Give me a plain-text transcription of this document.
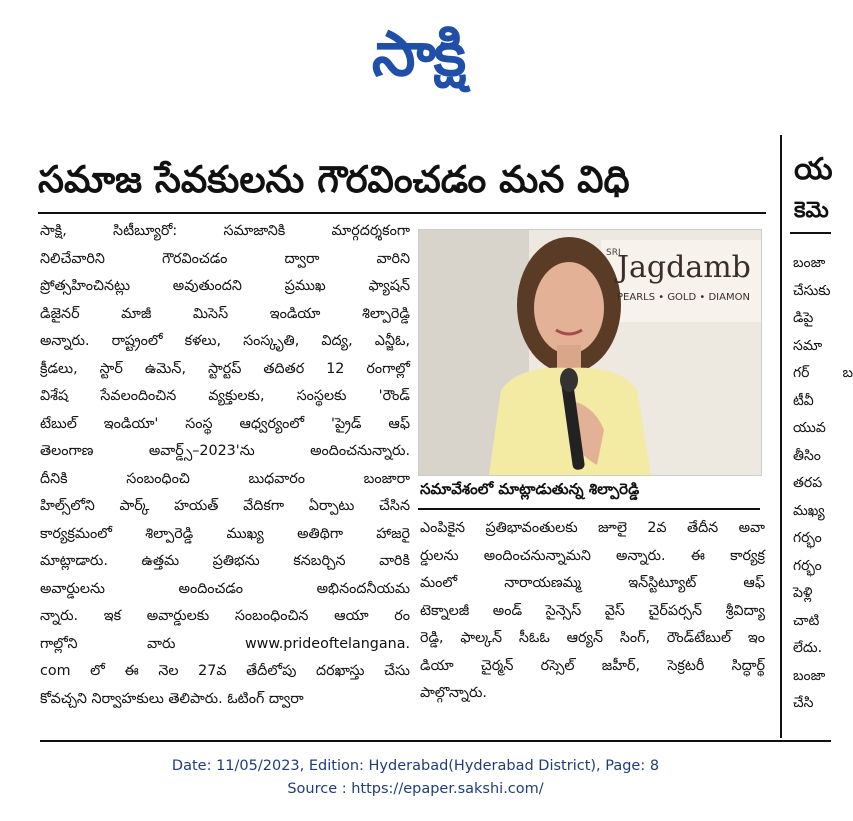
సాక్షి
సమాజ సేవకులను గౌరవించడం మన విధి	య
కెమె
సాక్షి, సిటీబ్యూరో: సమాజానికి మార్గదర్శకంగా
నిలిచేవారిని గౌరవించడం ద్వారా వారిని
ప్రోత్సహించినట్లు అవుతుందని ప్రముఖ ఫ్యాషన్
డిజైనర్ మాజీ మిసెస్ ఇండియా శిల్పారెడ్డి
అన్నారు. రాష్ట్రంలో కళలు, సంస్కృతి, విద్య, ఎన్జీఓ,
క్రీడలు, స్టార్ ఉమెన్, స్టార్టప్ తదితర 12 రంగాల్లో
విశేష సేవలందించిన వ్యక్తులకు, సంస్థలకు 'రౌండ్
టేబుల్ ఇండియా' సంస్థ ఆధ్వర్యంలో 'ప్రైడ్ ఆఫ్
తెలంగాణ అవార్డ్స్–2023'ను అందించనున్నారు.
దీనికి సంబంధించి బుధవారం బంజారా
హిల్స్‌లోని పార్క్ హయత్ వేదికగా ఏర్పాటు చేసిన
కార్యక్రమంలో శిల్పారెడ్డి ముఖ్య అతిథిగా హాజరై
మాట్లాడారు. ఉత్తమ ప్రతిభను కనబర్చిన వారికి
అవార్డులను అందించడం అభినందనీయమ
న్నారు. ఇక అవార్డులకు సంబంధించిన ఆయా రం
గాల్లోని వారు www.prideoftelangana.
com లో ఈ నెల 27వ తేదీలోపు దరఖాస్తు చేసు
కోవచ్చని నిర్వాహకులు తెలిపారు. ఓటింగ్ ద్వారా
SRI
Jagdamb
PEARLS • GOLD • DIAMON
సమావేశంలో మాట్లాడుతున్న శిల్పారెడ్డి
ఎంపికైన ప్రతిభావంతులకు జూలై 2వ తేదీన అవా
ర్డులను అందించనున్నామని అన్నారు. ఈ కార్యక్ర
మంలో నారాయణమ్మ ఇన్‌స్టిట్యూట్ ఆఫ్
టెక్నాలజీ అండ్ సైన్సెస్ వైస్ చైర్‌పర్సన్ శ్రీవిద్యా
రెడ్డి, ఫాల్కన్ సీఓఓ ఆర్యన్ సింగ్, రౌండ్‌టేబుల్ ఇం
డియా చైర్మన్ రస్సెల్ జహీర్, సెక్రటరీ సిద్ధార్థ్
పాల్గొన్నారు.
బంజా
చేసుకు
డిపై
సమా
గర్ బ
టీవీ
యువ
తీసిం
తరప
మఖ్య
గర్భం
గర్భం
పెళ్లి
చాటి
లేదు.
బంజా
చేసి
Date: 11/05/2023, Edition: Hyderabad(Hyderabad District), Page: 8
Source : https://epaper.sakshi.com/
